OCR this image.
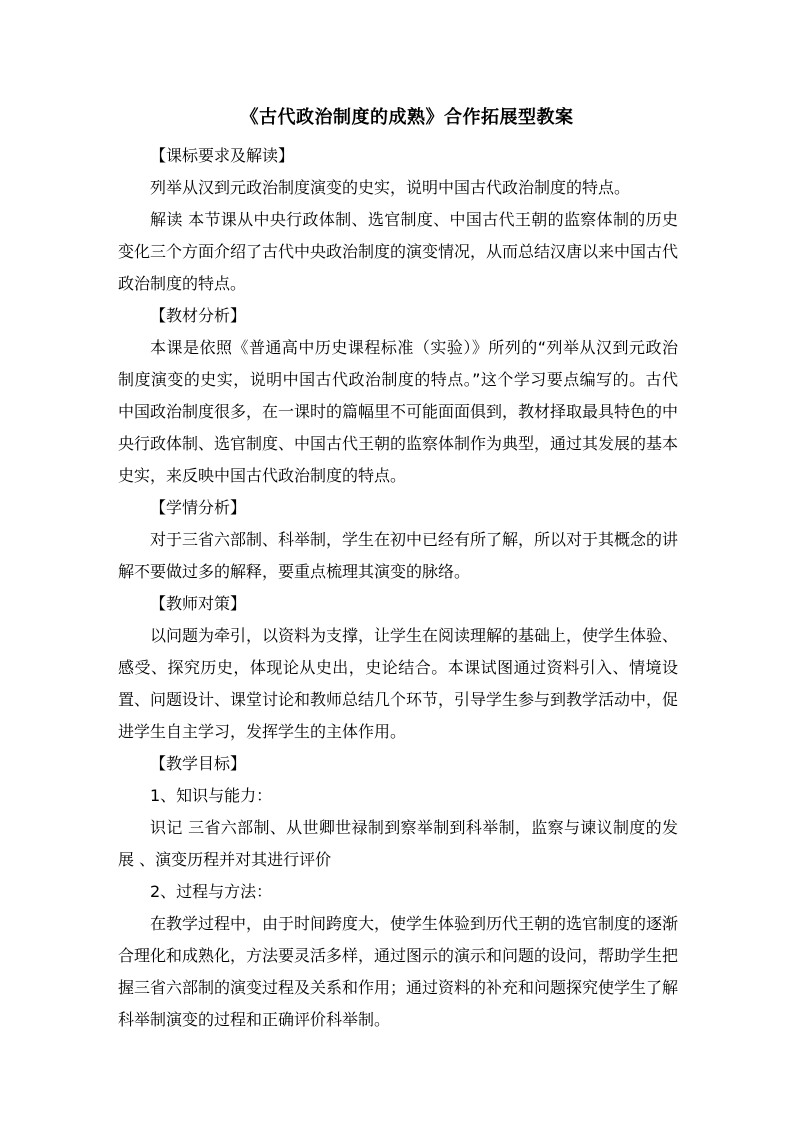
《古代政治制度的成熟》合作拓展型教案

【课标要求及解读】

列举从汉到元政治制度演变的史实，说明中国古代政治制度的特点。

解读 本节课从中央行政体制、选官制度、中国古代王朝的监察体制的历史变化三个方面介绍了古代中央政治制度的演变情况，从而总结汉唐以来中国古代政治制度的特点。

【教材分析】

本课是依照《普通高中历史课程标准（实验）》所列的“列举从汉到元政治制度演变的史实，说明中国古代政治制度的特点。”这个学习要点编写的。古代中国政治制度很多，在一课时的篇幅里不可能面面俱到，教材择取最具特色的中央行政体制、选官制度、中国古代王朝的监察体制作为典型，通过其发展的基本史实，来反映中国古代政治制度的特点。

【学情分析】

对于三省六部制、科举制，学生在初中已经有所了解，所以对于其概念的讲解不要做过多的解释，要重点梳理其演变的脉络。

【教师对策】

以问题为牵引，以资料为支撑，让学生在阅读理解的基础上，使学生体验、感受、探究历史，体现论从史出，史论结合。本课试图通过资料引入、情境设置、问题设计、课堂讨论和教师总结几个环节，引导学生参与到教学活动中，促进学生自主学习，发挥学生的主体作用。

【教学目标】

1、知识与能力：

识记 三省六部制、从世卿世禄制到察举制到科举制，监察与谏议制度的发展 、演变历程并对其进行评价

2、过程与方法：

在教学过程中，由于时间跨度大，使学生体验到历代王朝的选官制度的逐渐合理化和成熟化，方法要灵活多样，通过图示的演示和问题的设问，帮助学生把握三省六部制的演变过程及关系和作用；通过资料的补充和问题探究使学生了解科举制演变的过程和正确评价科举制。
